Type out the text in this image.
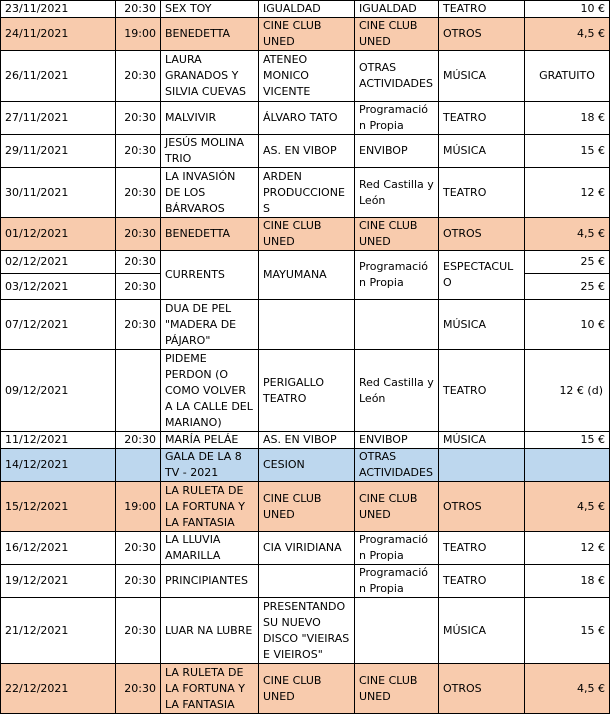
23/11/2021	20:30	SEX TOY	IGUALDAD	IGUALDAD	TEATRO	10 €
24/11/2021	19:00	BENEDETTA	CINE CLUB UNED	CINE CLUB UNED	OTROS	4,5 €
26/11/2021	20:30	LAURA GRANADOS Y SILVIA CUEVAS	ATENEO MONICO VICENTE	OTRAS ACTIVIDADES	MÚSICA	GRATUITO
27/11/2021	20:30	MALVIVIR	ÁLVARO TATO	Programación Propia	TEATRO	18 €
29/11/2021	20:30	JESÚS MOLINA TRIO	AS. EN VIBOP	ENVIBOP	MÚSICA	15 €
30/11/2021	20:30	LA INVASIÓN DE LOS BÁRVAROS	ARDEN PRODUCCIONES	Red Castilla y León	TEATRO	12 €
01/12/2021	20:30	BENEDETTA	CINE CLUB UNED	CINE CLUB UNED	OTROS	4,5 €
02/12/2021	20:30	CURRENTS	MAYUMANA	Programación Propia	ESPECTACULO	25 €
03/12/2021	20:30					25 €
07/12/2021	20:30	DUA DE PEL "MADERA DE PÁJARO"			MÚSICA	10 €
09/12/2021		PIDEME PERDON (O COMO VOLVER A LA CALLE DEL MARIANO)	PERIGALLO TEATRO	Red Castilla y León	TEATRO	12 € (d)
11/12/2021	20:30	MARÍA PELÁE	AS. EN VIBOP	ENVIBOP	MÚSICA	15 €
14/12/2021		GALA DE LA 8 TV - 2021	CESION	OTRAS ACTIVIDADES		
15/12/2021	19:00	LA RULETA DE LA FORTUNA Y LA FANTASIA	CINE CLUB UNED	CINE CLUB UNED	OTROS	4,5 €
16/12/2021	20:30	LA LLUVIA AMARILLA	CIA VIRIDIANA	Programación Propia	TEATRO	12 €
19/12/2021	20:30	PRINCIPIANTES		Programación Propia	TEATRO	18 €
21/12/2021	20:30	LUAR NA LUBRE	PRESENTANDO SU NUEVO DISCO "VIEIRAS E VIEIROS"		MÚSICA	15 €
22/12/2021	20:30	LA RULETA DE LA FORTUNA Y LA FANTASIA	CINE CLUB UNED	CINE CLUB UNED	OTROS	4,5 €
